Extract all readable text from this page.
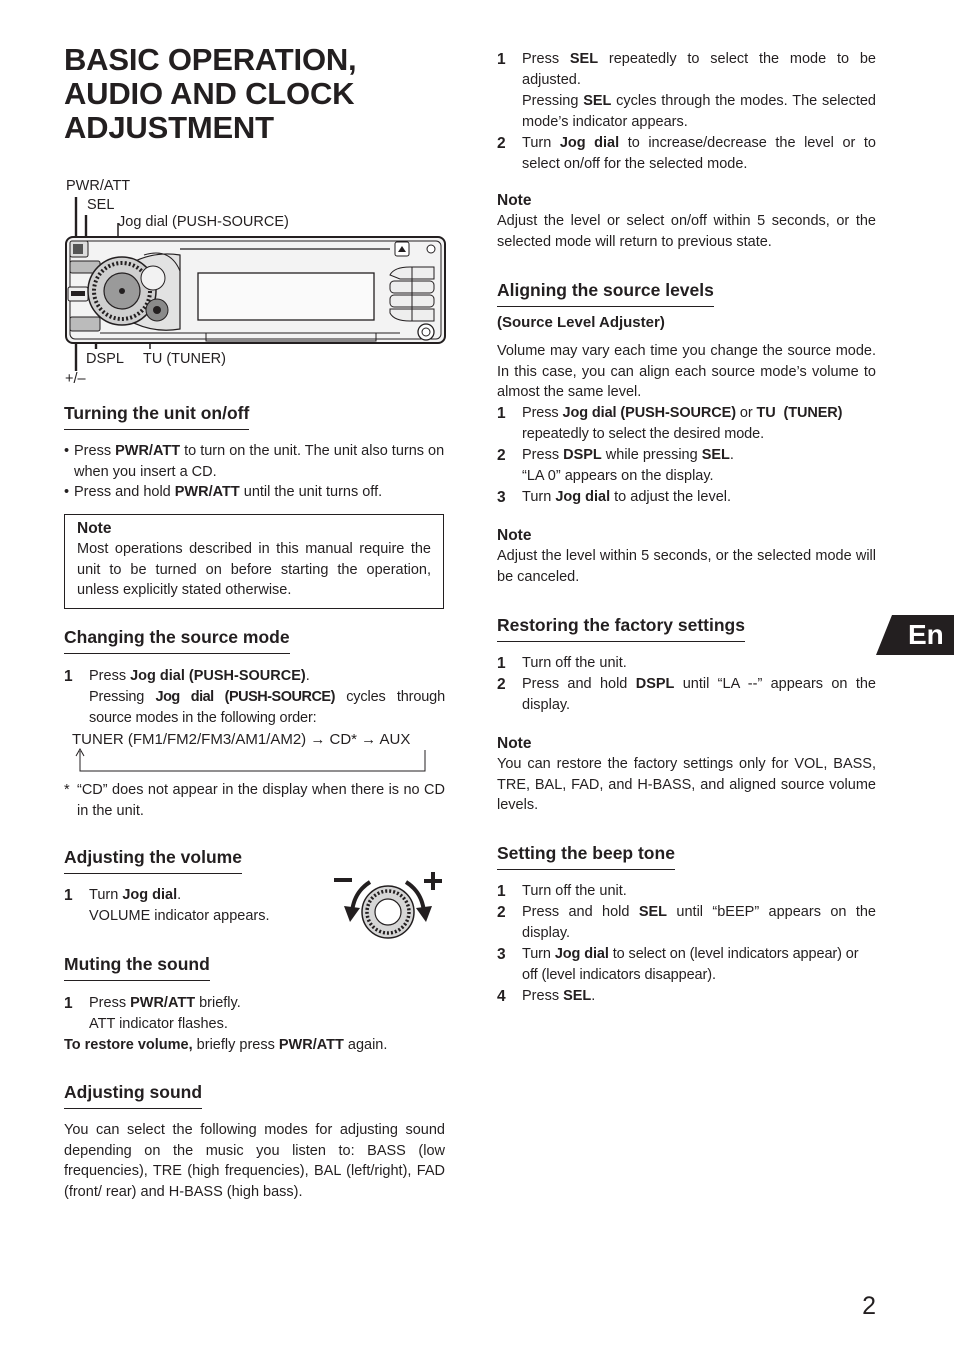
BASIC OPERATION,
AUDIO AND CLOCK
ADJUSTMENT
PWR/ATT
SEL
Jog dial (PUSH-SOURCE)
DSPL TU (TUNER)
+/–
Turning the unit on/off
• Press PWR/ATT to turn on the unit. The unit also turns on when you insert a CD.
• Press and hold PWR/ATT until the unit turns off.

Note

Most operations described in this manual require the unit to be turned on before starting the operation, unless explicitly stated otherwise.

Changing the source mode
1 Press Jog dial (PUSH-SOURCE).

Pressing Jog dial (PUSH-SOURCE) cycles through source modes in the following order:

TUNER (FM1/FM2/FM3/AM1/AM2) → CD* → AUX
* “CD” does not appear in the display when there is no CD in the unit.
Adjusting the volume
1 Turn Jog dial.

VOLUME indicator appears.

Muting the sound
1 Press PWR/ATT briefly.

ATT indicator flashes.

To restore volume, briefly press PWR/ATT again.

Adjusting sound

You can select the following modes for adjusting sound depending on the music you listen to: BASS (low frequencies), TRE (high frequencies), BAL (left/right), FAD (front/ rear) and H-BASS (high bass).

1 Press SEL repeatedly to select the mode to be adjusted.

Pressing SEL cycles through the modes. The selected mode’s indicator appears.

2 Turn Jog dial to increase/decrease the level or to select on/off for the selected mode.

Note

Adjust the level or select on/off within 5 seconds, or the selected mode will return to previous state.

Aligning the source levels
(Source Level Adjuster)

Volume may vary each time you change the source mode. In this case, you can align each source mode’s volume to almost the same level.

1 Press Jog dial (PUSH-SOURCE) or TU  (TUNER) repeatedly to select the desired mode.

2 Press DSPL while pressing SEL.

“LA 0” appears on the display.

3 Turn Jog dial to adjust the level.

Note

Adjust the level within 5 seconds, or the selected mode will be canceled.

Restoring the factory settings
1 Turn off the unit.

2 Press and hold DSPL until “LA --” appears on the display.

Note

You can restore the factory settings only for VOL, BASS, TRE, BAL, FAD, and H-BASS, and aligned source volume levels.

Setting the beep tone
1 Turn off the unit.

2 Press and hold SEL until “bEEP” appears on the display.

3 Turn Jog dial to select on (level indicators appear) or off (level indicators disappear).

4 Press SEL.

En
2
